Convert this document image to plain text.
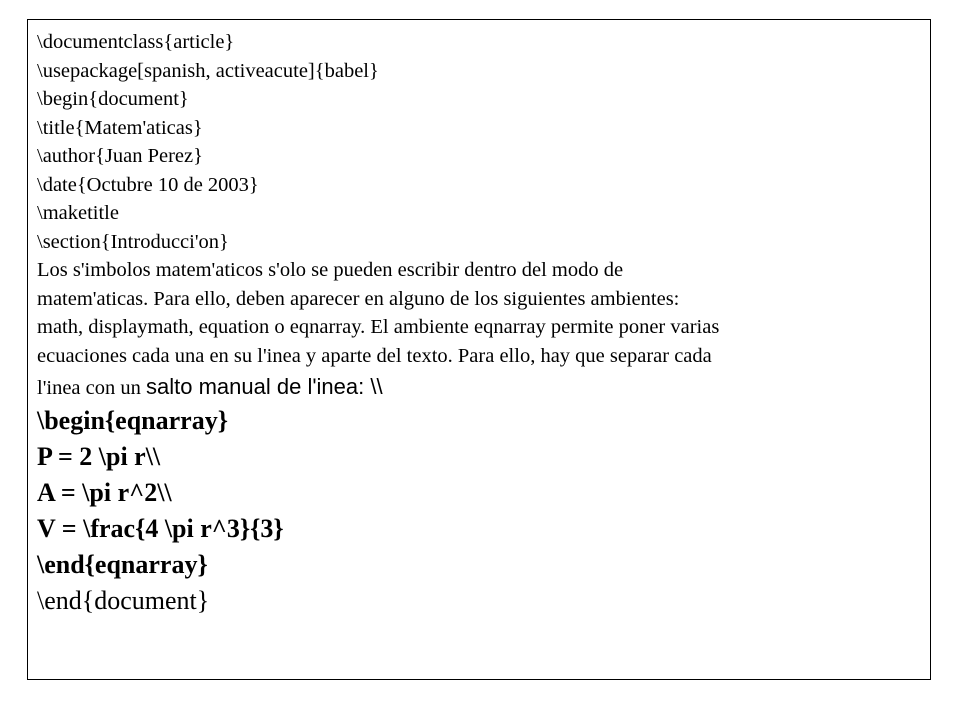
\documentclass{article}
\usepackage[spanish, activeacute]{babel}
\begin{document}
\title{Matem'aticas}
\author{Juan Perez}
\date{Octubre 10 de 2003}
\maketitle
\section{Introducci'on}
Los s'imbolos matem'aticos s'olo se pueden escribir dentro del modo de
matem'aticas. Para ello, deben aparecer en alguno de los siguientes ambientes:
math, displaymath, equation o eqnarray. El ambiente eqnarray permite poner varias
ecuaciones cada una en su l'inea y aparte del texto. Para ello, hay que separar cada
l'inea con un salto manual de l'inea: \\
\begin{eqnarray}
P = 2 \pi r\\
A = \pi r^2\\
V = \frac{4 \pi r^3}{3}
\end{eqnarray}
\end{document}
